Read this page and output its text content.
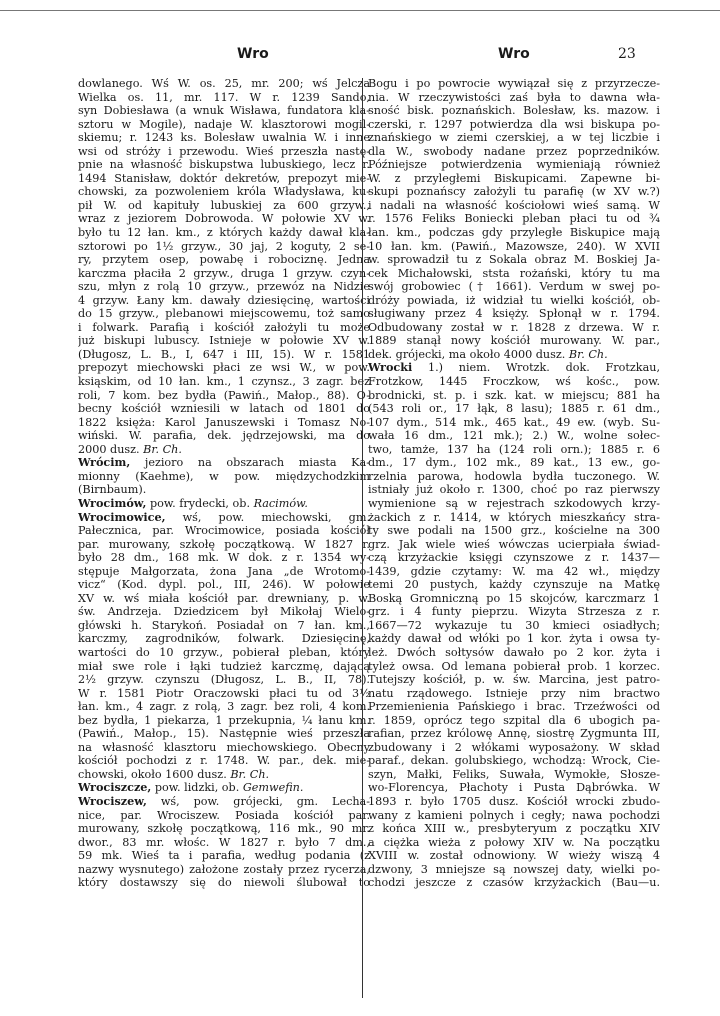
Wro	Wro	23
dowlanego. Wś W. os. 25, mr. 200; wś Jelcza
Wielka os. 11, mr. 117. W r. 1239 Sando,
syn Dobiesława (a wnuk Wisława, fundatora kla-
sztoru w Mogile), nadaje W. klasztorowi mogil-
skiemu; r. 1243 ks. Bolesław uwalnia W. i inne
wsi od stróży i przewodu. Wieś przeszła nastę-
pnie na własność biskupstwa lubuskiego, lecz r.
1494 Stanisław, doktór dekretów, prepozyt mie-
chowski, za pozwoleniem króla Władysława, ku-
pił W. od kapituły lubuskiej za 600 grzyw.,
wraz z jeziorem Dobrowoda. W połowie XV w.
było tu 12 łan. km., z których każdy dawał kla-
sztorowi po 1½ grzyw., 30 jaj, 2 koguty, 2 se-
ry, przytem osep, powabę i robociznę. Jedna
karczma płaciła 2 grzyw., druga 1 grzyw. czyn-
szu, młyn z rolą 10 grzyw., przewóz na Nidzie
4 grzyw. Łany km. dawały dziesięcinę, wartości
do 15 grzyw., plebanowi miejscowemu, toż samo
i folwark. Parafią i kościół założyli tu może
już biskupi lubuscy. Istnieje w połowie XV w.
(Długosz, L. B., I, 647 i III, 15). W r. 1581
prepozyt miechowski płaci ze wsi W., w pow.
ksiąskim, od 10 łan. km., 1 czynsz., 3 zagr. bez
roli, 7 kom. bez bydła (Pawiń., Małop., 88). O-
becny kościół wzniesili w latach od 1801 do
1822 księża: Karol Januszewski i Tomasz No-
wiński. W. parafia, dek. jędrzejowski, ma do
2000 dusz. Br. Ch.
Wrócim, jezioro na obszarach miasta Ka-
mionny (Kaehme), w pow. międzychodzkim
(Birnbaum).
Wrocimów, pow. frydecki, ob. Racimów.
Wrocimowice, wś, pow. miechowski, gm.
Pałecznica, par. Wrocimowice, posiada kościół
par. murowany, szkołę początkową. W 1827 r.
było 28 dm., 168 mk. W dok. z r. 1354 wy-
stępuje Małgorzata, żona Jana „de Wrotomo-
vicz“ (Kod. dypl. pol., III, 246). W połowie
XV w. wś miała kościół par. drewniany, p. w.
św. Andrzeja. Dziedzicem był Mikołaj Wielo-
główski h. Starykoń. Posiadał on 7 łan. km.,
karczmy, zagrodników, folwark. Dziesięcinę,
wartości do 10 grzyw., pobierał pleban, który
miał swe role i łąki tudzież karczmę, dającą
2½ grzyw. czynszu (Długosz, L. B., II, 78).
W r. 1581 Piotr Oraczowski płaci tu od 3½
łan. km., 4 zagr. z rolą, 3 zagr. bez roli, 4 kom.
bez bydła, 1 piekarza, 1 przekupnia, ¼ łanu km.
(Pawiń., Małop., 15). Następnie wieś przeszła
na własność klasztoru miechowskiego. Obecny
kościół pochodzi z r. 1748. W. par., dek. mie-
chowski, około 1600 dusz. Br. Ch.
Wrociszcze, pow. lidzki, ob. Gemwefin.
Wrociszew, wś, pow. grójecki, gm. Lecha-
nice, par. Wrociszew. Posiada kościół par.
murowany, szkołę początkową, 116 mk., 90 mr.
dwor., 83 mr. włośc. W 1827 r. było 7 dm.,
59 mk. Wieś ta i parafia, według podania (z
nazwy wysnutego) założone zostały przez rycerza,
który dostawszy się do niewoli ślubował to
Bogu i po powrocie wywiązał się z przyrzecze-
nia. W rzeczywistości zaś była to dawna wła-
sność bisk. poznańskich. Bolesław, ks. mazow. i
czerski, r. 1297 potwierdza dla wsi biskupa po-
znańskiego w ziemi czerskiej, a w tej liczbie i
dla W., swobody nadane przez poprzedników.
Późniejsze potwierdzenia wymieniają również
W. z przyległemi Biskupicami. Zapewne bi-
skupi poznańscy założyli tu parafię (w XV w.?)
i nadali na własność kościołowi wieś samą. W
r. 1576 Feliks Boniecki pleban płaci tu od ¾
łan. km., podczas gdy przyległe Biskupice mają
10 łan. km. (Pawiń., Mazowsze, 240). W XVII
w. sprowadził tu z Sokala obraz M. Boskiej Ja-
cek Michałowski, ststa rożański, który tu ma
swój grobowiec († 1661). Verdum w swej po-
dróży powiada, iż widział tu wielki kościół, ob-
sługiwany przez 4 księży. Spłonął w r. 1794.
Odbudowany został w r. 1828 z drzewa. W r.
1889 stanął nowy kościół murowany. W. par.,
dek. grójecki, ma około 4000 dusz. Br. Ch.
Wrocki 1.) niem. Wrotzk. dok. Frotzkau,
Frotzkow, 1445 Froczkow, wś kośc., pow.
brodnicki, st. p. i szk. kat. w miejscu; 881 ha
(543 roli or., 17 łąk, 8 lasu); 1885 r. 61 dm.,
107 dym., 514 mk., 465 kat., 49 ew. (wyb. Su-
wała 16 dm., 121 mk.); 2.) W., wolne sołec-
two, tamże, 137 ha (124 roli orn.); 1885 r. 6
dm., 17 dym., 102 mk., 89 kat., 13 ew., go-
rzelnia parowa, hodowla bydła tuczonego. W.
istniały już około r. 1300, choć po raz pierwszy
wymienione są w rejestrach szkodowych krzy-
żackich z r. 1414, w których mieszkańcy stra-
ty swe podali na 1500 grz., kościelne na 300
grz. Jak wiele wieś wówczas ucierpiała świad-
czą krzyżackie księgi czynszowe z r. 1437—
1439, gdzie czytamy: W. ma 42 wł., między
temi 20 pustych, każdy czynszuje na Matkę
Boską Gromniczną po 15 skojców, karczmarz 1
grz. i 4 funty pieprzu. Wizyta Strzesza z r.
1667—72 wykazuje tu 30 kmieci osiadłych;
każdy dawał od włóki po 1 kor. żyta i owsa ty-
leż. Dwóch sołtysów dawało po 2 kor. żyta i
tyleż owsa. Od lemana pobierał prob. 1 korzec.
Tutejszy kościół, p. w. św. Marcina, jest patro-
natu rządowego. Istnieje przy nim bractwo
Przemienienia Pańskiego i brac. Trzeźwości od
r. 1859, oprócz tego szpital dla 6 ubogich pa-
rafian, przez królowę Annę, siostrę Zygmunta III,
zbudowany i 2 włókami wyposażony. W skład
paraf., dekan. golubskiego, wchodzą: Wrock, Cie-
szyn, Małki, Feliks, Suwała, Wymokłe, Słosze-
wo-Florencya, Płachoty i Pusta Dąbrówka. W
1893 r. było 1705 dusz. Kościół wrocki zbudo-
wany z kamieni polnych i cegły; nawa pochodzi
z końca XIII w., presbyteryum z początku XIV
a ciężka wieża z połowy XIV w. Na początku
XVIII w. został odnowiony. W wieży wiszą 4
dzwony, 3 mniejsze są nowszej daty, wielki po-
chodzi jeszcze z czasów krzyżackich (Bau—u.
